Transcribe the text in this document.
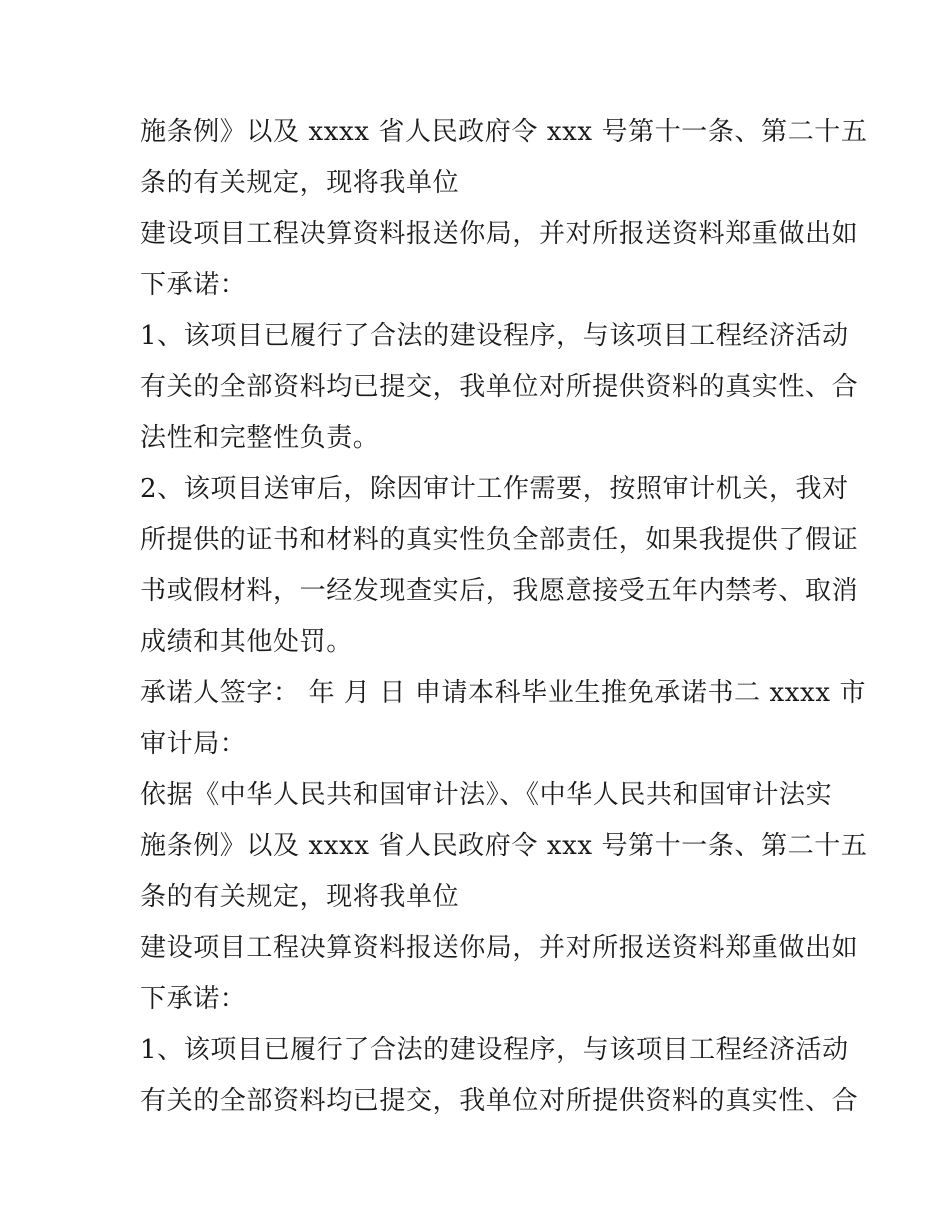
施条例》以及 xxxx 省人民政府令 xxx 号第十一条、第二十五
条的有关规定，现将我单位
建设项目工程决算资料报送你局，并对所报送资料郑重做出如
下承诺：
1、该项目已履行了合法的建设程序，与该项目工程经济活动
有关的全部资料均已提交，我单位对所提供资料的真实性、合
法性和完整性负责。
2、该项目送审后，除因审计工作需要，按照审计机关，我对
所提供的证书和材料的真实性负全部责任，如果我提供了假证
书或假材料，一经发现查实后，我愿意接受五年内禁考、取消
成绩和其他处罚。
承诺人签字： 年 月 日 申请本科毕业生推免承诺书二 xxxx 市
审计局：
依据《中华人民共和国审计法》、《中华人民共和国审计法实
施条例》以及 xxxx 省人民政府令 xxx 号第十一条、第二十五
条的有关规定，现将我单位
建设项目工程决算资料报送你局，并对所报送资料郑重做出如
下承诺：
1、该项目已履行了合法的建设程序，与该项目工程经济活动
有关的全部资料均已提交，我单位对所提供资料的真实性、合
